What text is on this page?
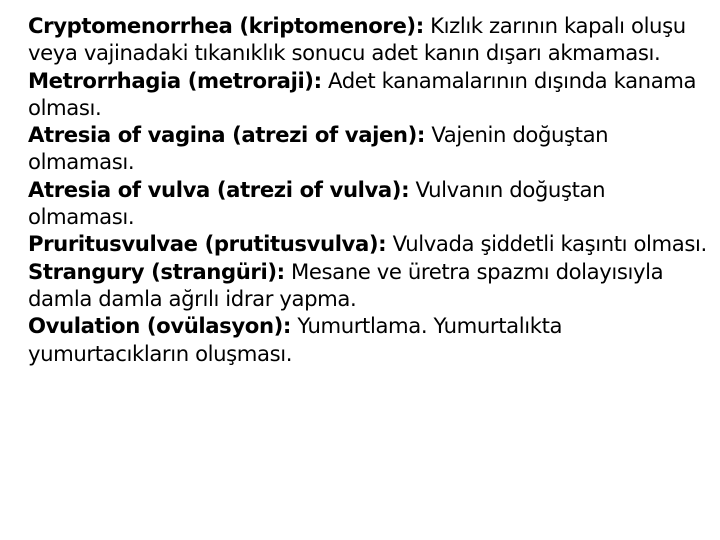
Cryptomenorrhea (kriptomenore): Kızlık zarının kapalı oluşu veya vajinadaki tıkanıklık sonucu adet kanın dışarı akmaması.

Metrorrhagia (metroraji): Adet kanamalarının dışında kanama olması.

Atresia of vagina (atrezi of vajen): Vajenin doğuştan olmaması.

Atresia of vulva (atrezi of vulva): Vulvanın doğuştan olmaması.

Pruritusvulvae (prutitusvulva): Vulvada şiddetli kaşıntı olması.

Strangury (strangüri): Mesane ve üretra spazmı dolayısıyla damla damla ağrılı idrar yapma.

Ovulation (ovülasyon): Yumurtlama. Yumurtalıkta yumurtacıkların oluşması.
